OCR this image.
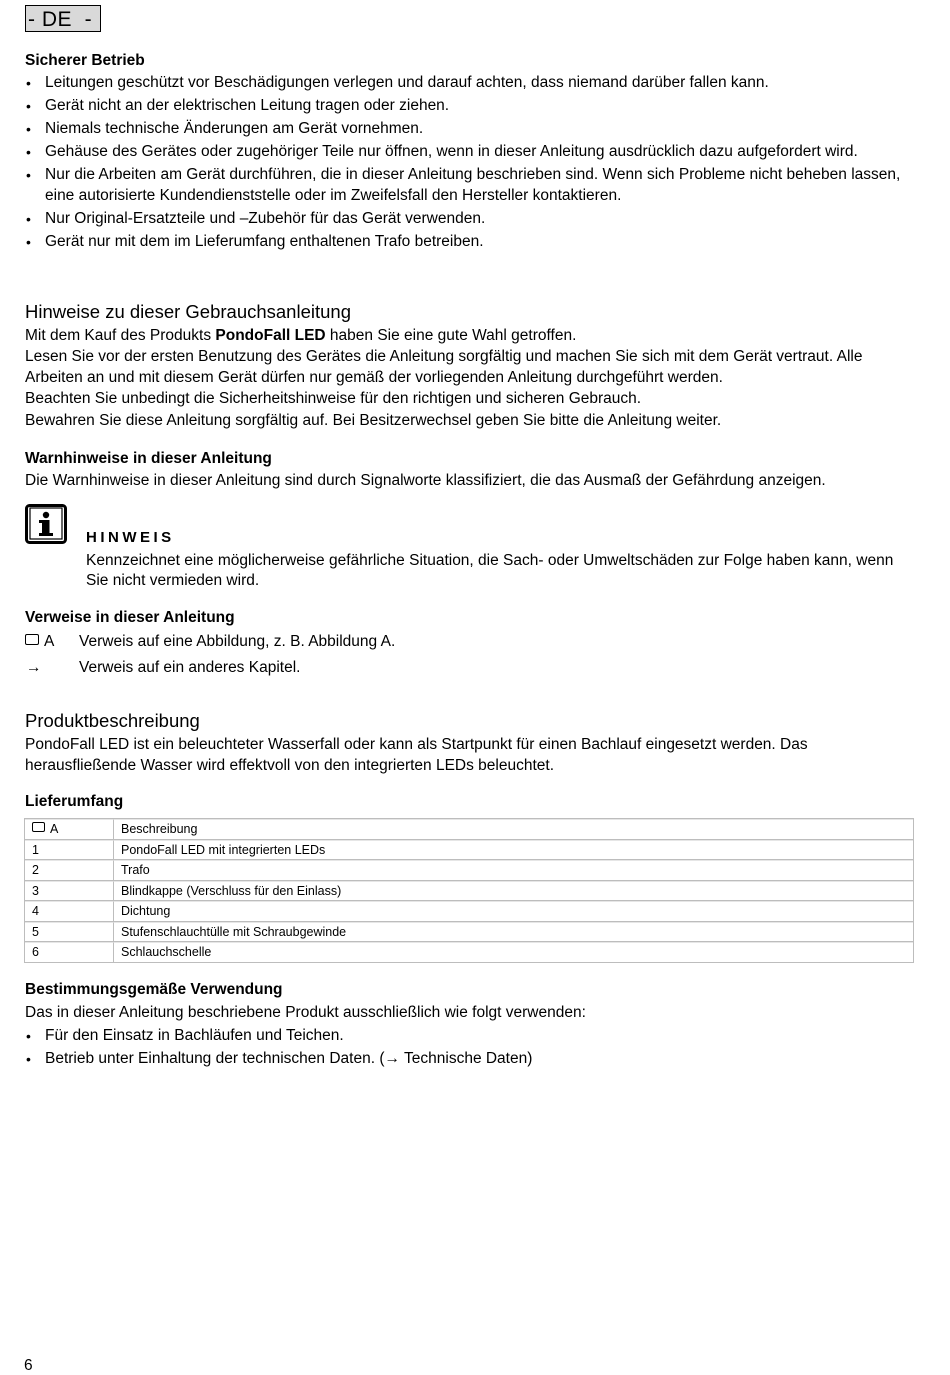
- DE  -
Sicherer Betrieb
• Leitungen geschützt vor Beschädigungen verlegen und darauf achten, dass niemand darüber fallen kann.
• Gerät nicht an der elektrischen Leitung tragen oder ziehen.
• Niemals technische Änderungen am Gerät vornehmen.
• Gehäuse des Gerätes oder zugehöriger Teile nur öffnen, wenn in dieser Anleitung ausdrücklich dazu aufgefordert wird.
• Nur die Arbeiten am Gerät durchführen, die in dieser Anleitung beschrieben sind. Wenn sich Probleme nicht beheben lassen, eine autorisierte Kundendienststelle oder im Zweifelsfall den Hersteller kontaktieren.
• Nur Original-Ersatzteile und –Zubehör für das Gerät verwenden.
• Gerät nur mit dem im Lieferumfang enthaltenen Trafo betreiben.
Hinweise zu dieser Gebrauchsanleitung
Mit dem Kauf des Produkts PondoFall LED haben Sie eine gute Wahl getroffen.
Lesen Sie vor der ersten Benutzung des Gerätes die Anleitung sorgfältig und machen Sie sich mit dem Gerät vertraut. Alle Arbeiten an und mit diesem Gerät dürfen nur gemäß der vorliegenden Anleitung durchgeführt werden.
Beachten Sie unbedingt die Sicherheitshinweise für den richtigen und sicheren Gebrauch.
Bewahren Sie diese Anleitung sorgfältig auf. Bei Besitzerwechsel geben Sie bitte die Anleitung weiter.
Warnhinweise in dieser Anleitung
Die Warnhinweise in dieser Anleitung sind durch Signalworte klassifiziert, die das Ausmaß der Gefährdung anzeigen.
HINWEIS
Kennzeichnet eine möglicherweise gefährliche Situation, die Sach- oder Umweltschäden zur Folge haben kann, wenn Sie nicht vermieden wird.
Verweise in dieser Anleitung
A	Verweis auf eine Abbildung, z. B. Abbildung A.
→	Verweis auf ein anderes Kapitel.
Produktbeschreibung
PondoFall LED ist ein beleuchteter Wasserfall oder kann als Startpunkt für einen Bachlauf eingesetzt werden. Das herausfließende Wasser wird effektvoll von den integrierten LEDs beleuchtet.
Lieferumfang
A	Beschreibung
1	PondoFall LED mit integrierten LEDs
2	Trafo
3	Blindkappe (Verschluss für den Einlass)
4	Dichtung
5	Stufenschlauchtülle mit Schraubgewinde
6	Schlauchschelle
Bestimmungsgemäße Verwendung
Das in dieser Anleitung beschriebene Produkt ausschließlich wie folgt verwenden:
• Für den Einsatz in Bachläufen und Teichen.
• Betrieb unter Einhaltung der technischen Daten. (→ Technische Daten)
6
